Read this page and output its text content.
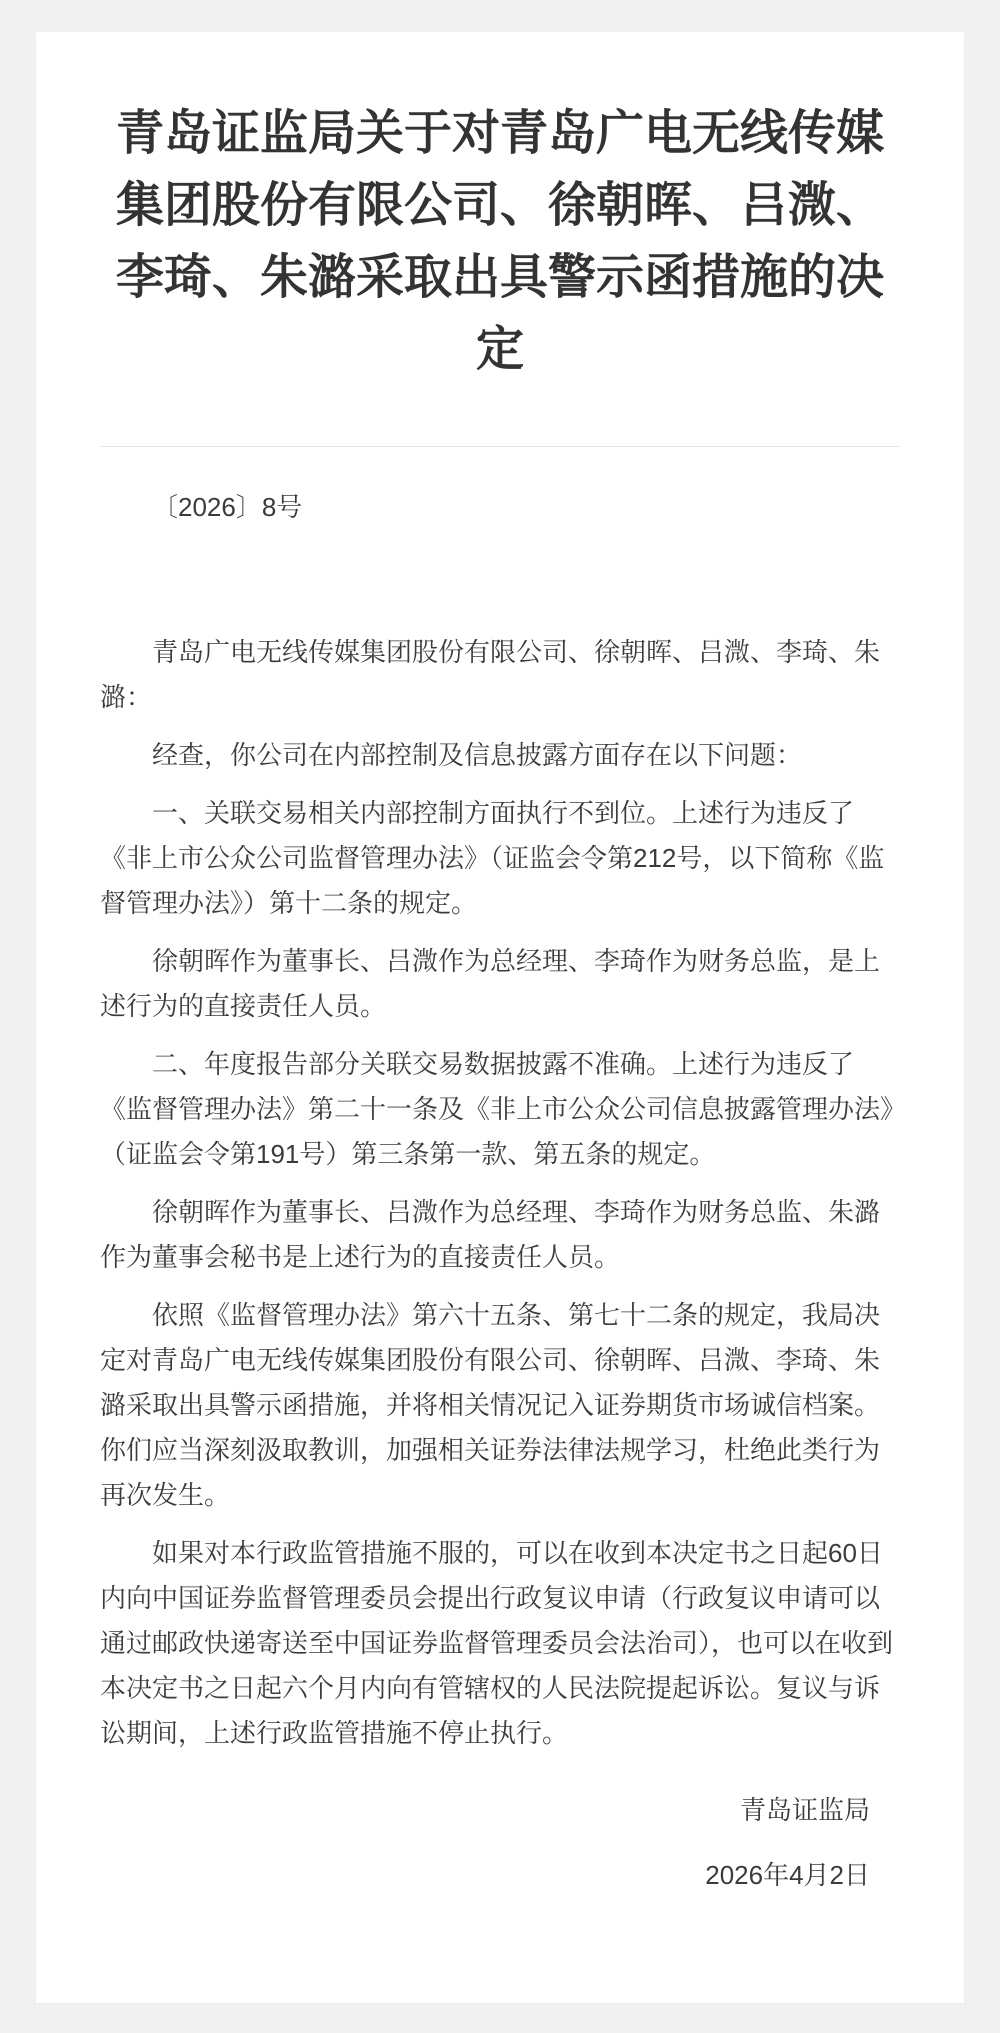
青岛证监局关于对青岛广电无线传媒集团股份有限公司、徐朝晖、吕溦、李琦、朱潞采取出具警示函措施的决定

〔2026〕8号

青岛广电无线传媒集团股份有限公司、徐朝晖、吕溦、李琦、朱潞：

经查，你公司在内部控制及信息披露方面存在以下问题：

一、关联交易相关内部控制方面执行不到位。上述行为违反了《非上市公众公司监督管理办法》（证监会令第212号，以下简称《监督管理办法》）第十二条的规定。

徐朝晖作为董事长、吕溦作为总经理、李琦作为财务总监，是上述行为的直接责任人员。

二、年度报告部分关联交易数据披露不准确。上述行为违反了《监督管理办法》第二十一条及《非上市公众公司信息披露管理办法》（证监会令第191号）第三条第一款、第五条的规定。

徐朝晖作为董事长、吕溦作为总经理、李琦作为财务总监、朱潞作为董事会秘书是上述行为的直接责任人员。

依照《监督管理办法》第六十五条、第七十二条的规定，我局决定对青岛广电无线传媒集团股份有限公司、徐朝晖、吕溦、李琦、朱潞采取出具警示函措施，并将相关情况记入证券期货市场诚信档案。你们应当深刻汲取教训，加强相关证券法律法规学习，杜绝此类行为再次发生。

如果对本行政监管措施不服的，可以在收到本决定书之日起60日内向中国证券监督管理委员会提出行政复议申请（行政复议申请可以通过邮政快递寄送至中国证券监督管理委员会法治司），也可以在收到本决定书之日起六个月内向有管辖权的人民法院提起诉讼。复议与诉讼期间，上述行政监管措施不停止执行。

青岛证监局

2026年4月2日
